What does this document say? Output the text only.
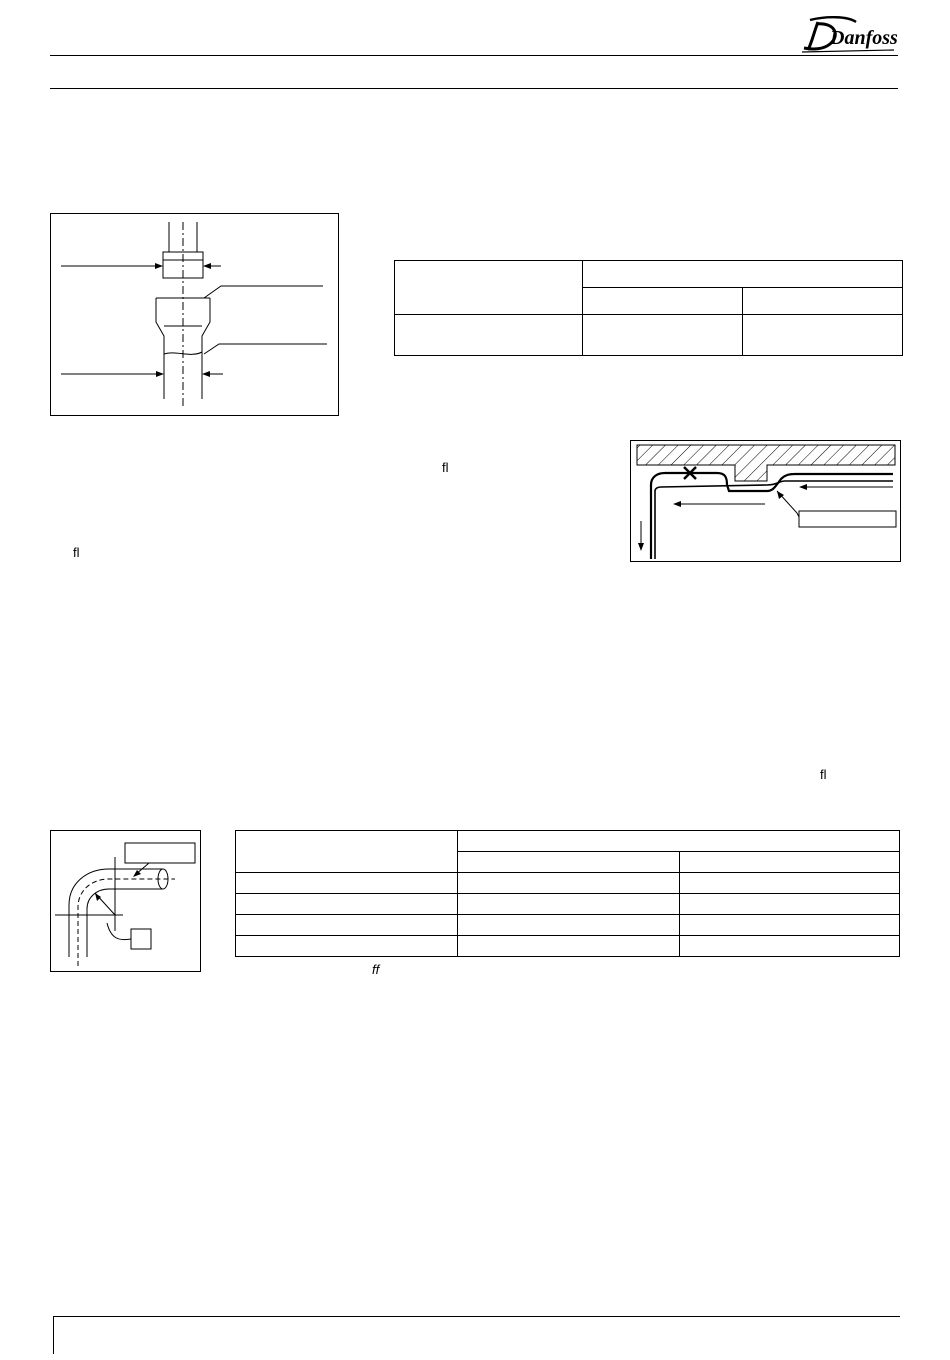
Danfoss

fl
fl
fl

ff
